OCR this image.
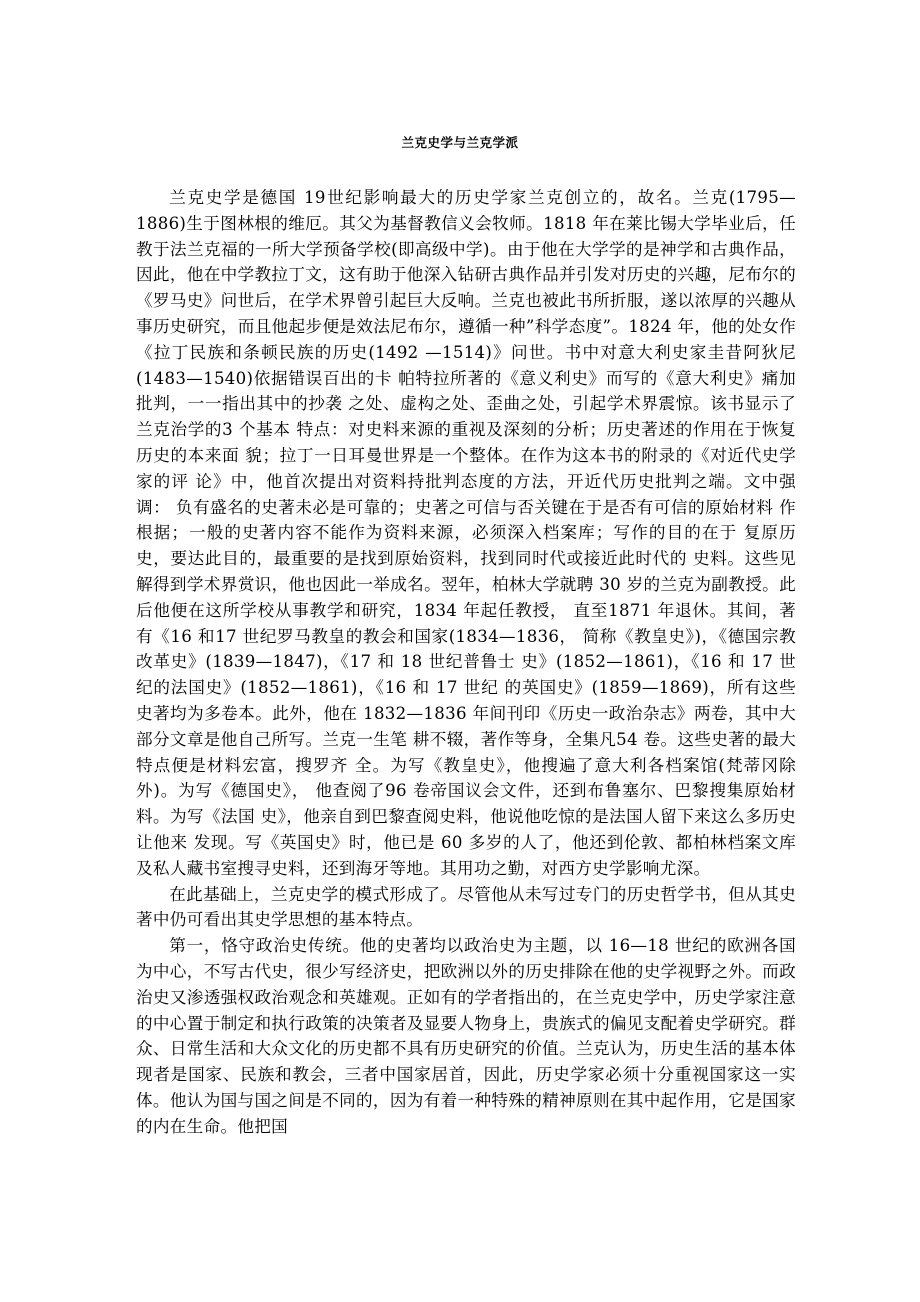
兰克史学与兰克学派

兰克史学是德国 19世纪影响最大的历史学家兰克创立的，故名。兰克(1795—1886)生于图林根的维厄。其父为基督教信义会牧师。1818 年在莱比锡大学毕业后，任教于法兰克福的一所大学预备学校(即高级中学)。由于他在大学学的是神学和古典作品，因此，他在中学教拉丁文，这有助于他深入钻研古典作品并引发对历史的兴趣，尼布尔的《罗马史》问世后，在学术界曾引起巨大反响。兰克也被此书所折服，遂以浓厚的兴趣从事历史研究，而且他起步便是效法尼布尔，遵循一种”科学态度”。1824 年，他的处女作《拉丁民族和条顿民族的历史(1492 —1514)》问世。书中对意大利史家圭昔阿狄尼(1483—1540)依据错误百出的卡 帕特拉所著的《意义利史》而写的《意大利史》痛加批判，一一指出其中的抄袭 之处、虚构之处、歪曲之处，引起学术界震惊。该书显示了兰克治学的3 个基本 特点：对史料来源的重视及深刻的分析；历史著述的作用在于恢复历史的本来面 貌；拉丁一日耳曼世界是一个整体。在作为这本书的附录的《对近代史学家的评 论》中，他首次提出对资料持批判态度的方法，开近代历史批判之端。文中强调： 负有盛名的史著未必是可靠的；史著之可信与否关键在于是否有可信的原始材料 作根据；一般的史著内容不能作为资料来源，必须深入档案库；写作的目的在于 复原历史，要达此目的，最重要的是找到原始资料，找到同时代或接近此时代的 史料。这些见解得到学术界赏识，他也因此一举成名。翌年，柏林大学就聘 30 岁的兰克为副教授。此后他便在这所学校从事教学和研究，1834 年起任教授， 直至1871 年退休。其间，著有《16 和17 世纪罗马教皇的教会和国家(1834—1836， 简称《教皇史》)，《德国宗教改革史》(1839—1847)，《17 和 18 世纪普鲁士 史》(1852—1861)，《16 和 17 世纪的法国史》(1852—1861)，《16 和 17 世纪 的英国史》(1859—1869)，所有这些史著均为多卷本。此外，他在 1832—1836 年间刊印《历史一政治杂志》两卷，其中大部分文章是他自己所写。兰克一生笔 耕不辍，著作等身，全集凡54 卷。这些史著的最大特点便是材料宏富，搜罗齐 全。为写《教皇史》，他搜遍了意大利各档案馆(梵蒂冈除外)。为写《德国史》， 他查阅了96 卷帝国议会文件，还到布鲁塞尔、巴黎搜集原始材料。为写《法国 史》，他亲自到巴黎查阅史料，他说他吃惊的是法国人留下来这么多历史让他来 发现。写《英国史》时，他已是 60 多岁的人了，他还到伦敦、都柏林档案文库 及私人藏书室搜寻史料，还到海牙等地。其用功之勤，对西方史学影响尤深。

在此基础上，兰克史学的模式形成了。尽管他从未写过专门的历史哲学书，但从其史著中仍可看出其史学思想的基本特点。

第一，恪守政治史传统。他的史著均以政治史为主题，以 16—18 世纪的欧洲各国为中心，不写古代史，很少写经济史，把欧洲以外的历史排除在他的史学视野之外。而政治史又渗透强权政治观念和英雄观。正如有的学者指出的，在兰克史学中，历史学家注意的中心置于制定和执行政策的决策者及显要人物身上，贵族式的偏见支配着史学研究。群众、日常生活和大众文化的历史都不具有历史研究的价值。兰克认为，历史生活的基本体现者是国家、民族和教会，三者中国家居首，因此，历史学家必须十分重视国家这一实体。他认为国与国之间是不同的，因为有着一种特殊的精神原则在其中起作用，它是国家的内在生命。他把国
